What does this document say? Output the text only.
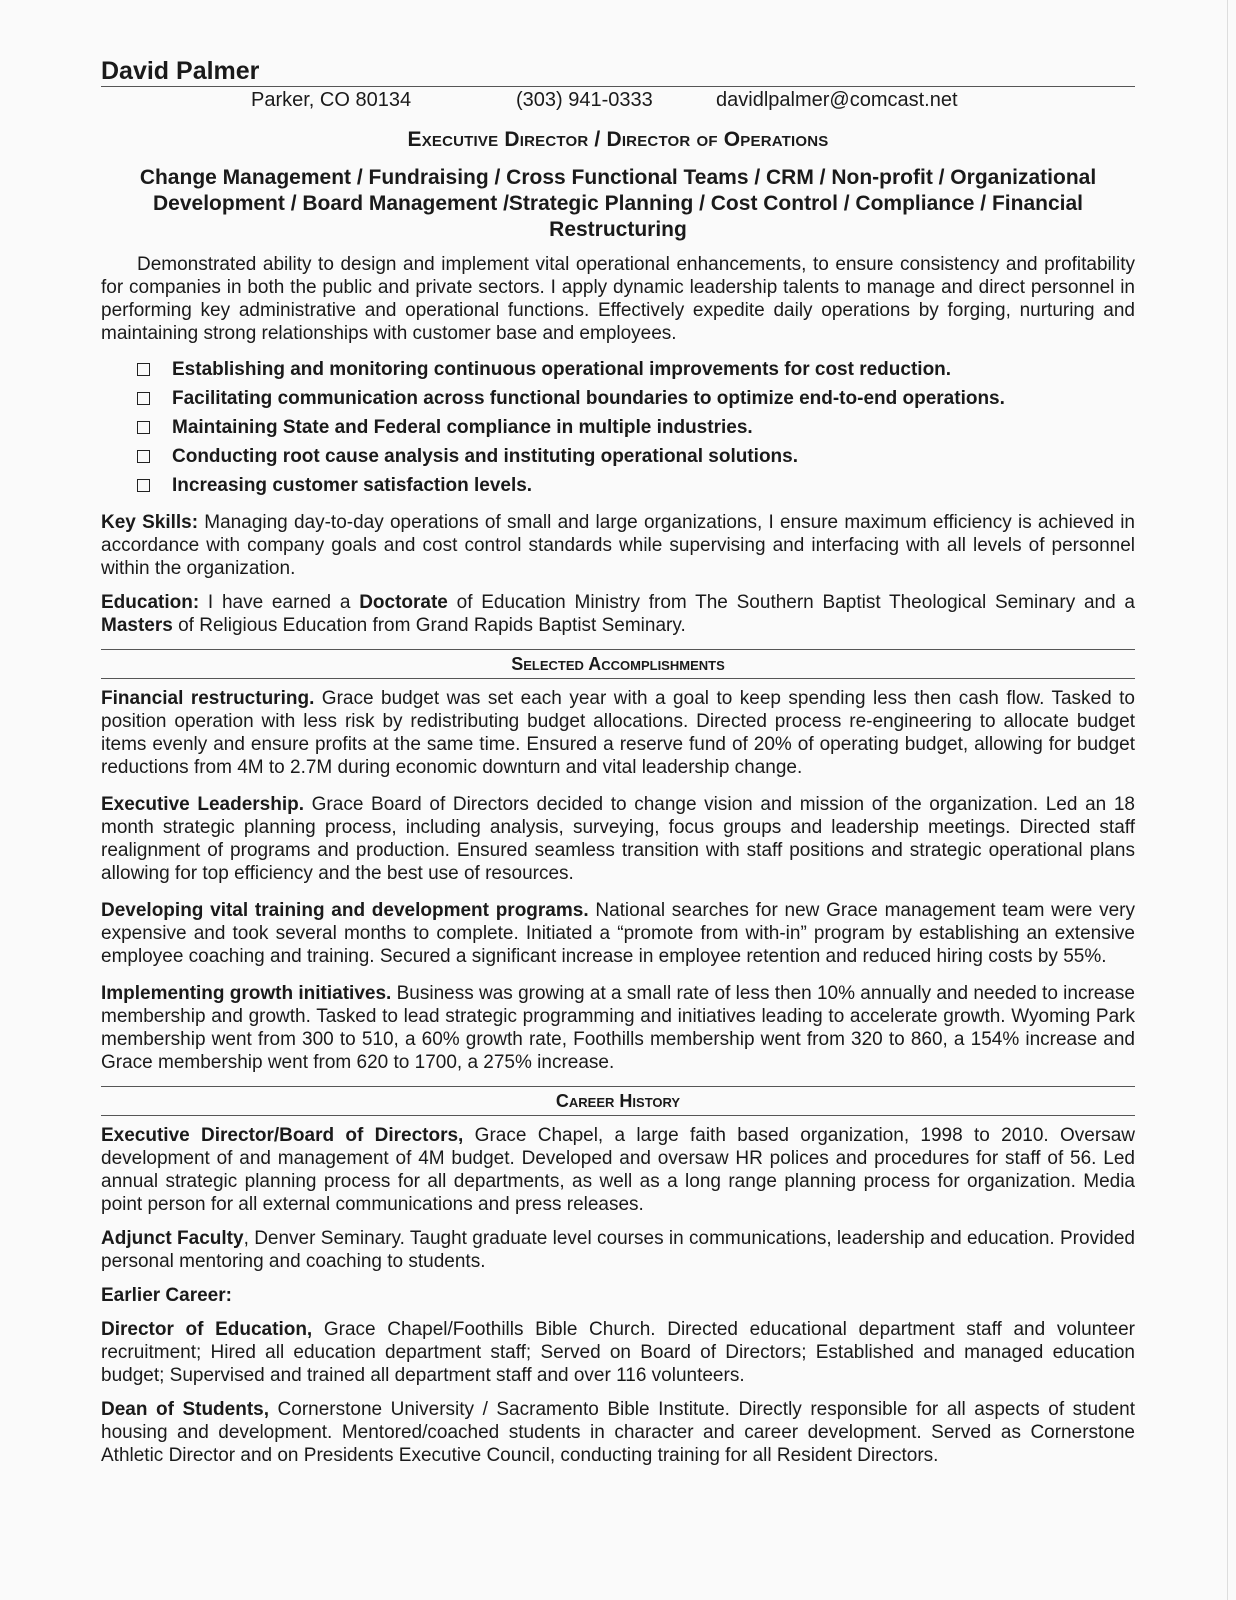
David Palmer
Parker, CO 80134	(303) 941-0333	davidlpalmer@comcast.net
Executive Director / Director of Operations
Change Management / Fundraising / Cross Functional Teams / CRM / Non-profit / Organizational Development / Board Management /Strategic Planning / Cost Control / Compliance / Financial Restructuring

Demonstrated ability to design and implement vital operational enhancements, to ensure consistency and profitability for companies in both the public and private sectors. I apply dynamic leadership talents to manage and direct personnel in performing key administrative and operational functions. Effectively expedite daily operations by forging, nurturing and maintaining strong relationships with customer base and employees.

Establishing and monitoring continuous operational improvements for cost reduction.
Facilitating communication across functional boundaries to optimize end-to-end operations.
Maintaining State and Federal compliance in multiple industries.
Conducting root cause analysis and instituting operational solutions.
Increasing customer satisfaction levels.

Key Skills: Managing day-to-day operations of small and large organizations, I ensure maximum efficiency is achieved in accordance with company goals and cost control standards while supervising and interfacing with all levels of personnel within the organization.

Education: I have earned a Doctorate of Education Ministry from The Southern Baptist Theological Seminary and a Masters of Religious Education from Grand Rapids Baptist Seminary.

Selected Accomplishments

Financial restructuring. Grace budget was set each year with a goal to keep spending less then cash flow. Tasked to position operation with less risk by redistributing budget allocations. Directed process re-engineering to allocate budget items evenly and ensure profits at the same time. Ensured a reserve fund of 20% of operating budget, allowing for budget reductions from 4M to 2.7M during economic downturn and vital leadership change.

Executive Leadership. Grace Board of Directors decided to change vision and mission of the organization. Led an 18 month strategic planning process, including analysis, surveying, focus groups and leadership meetings. Directed staff realignment of programs and production. Ensured seamless transition with staff positions and strategic operational plans allowing for top efficiency and the best use of resources.

Developing vital training and development programs. National searches for new Grace management team were very expensive and took several months to complete. Initiated a “promote from with-in” program by establishing an extensive employee coaching and training. Secured a significant increase in employee retention and reduced hiring costs by 55%.

Implementing growth initiatives. Business was growing at a small rate of less then 10% annually and needed to increase membership and growth. Tasked to lead strategic programming and initiatives leading to accelerate growth. Wyoming Park membership went from 300 to 510, a 60% growth rate, Foothills membership went from 320 to 860, a 154% increase and Grace membership went from 620 to 1700, a 275% increase.

Career History

Executive Director/Board of Directors, Grace Chapel, a large faith based organization, 1998 to 2010. Oversaw development of and management of 4M budget. Developed and oversaw HR polices and procedures for staff of 56. Led annual strategic planning process for all departments, as well as a long range planning process for organization. Media point person for all external communications and press releases.

Adjunct Faculty, Denver Seminary. Taught graduate level courses in communications, leadership and education. Provided personal mentoring and coaching to students.

Earlier Career:

Director of Education, Grace Chapel/Foothills Bible Church. Directed educational department staff and volunteer recruitment; Hired all education department staff; Served on Board of Directors; Established and managed education budget; Supervised and trained all department staff and over 116 volunteers.

Dean of Students, Cornerstone University / Sacramento Bible Institute. Directly responsible for all aspects of student housing and development. Mentored/coached students in character and career development. Served as Cornerstone Athletic Director and on Presidents Executive Council, conducting training for all Resident Directors.
